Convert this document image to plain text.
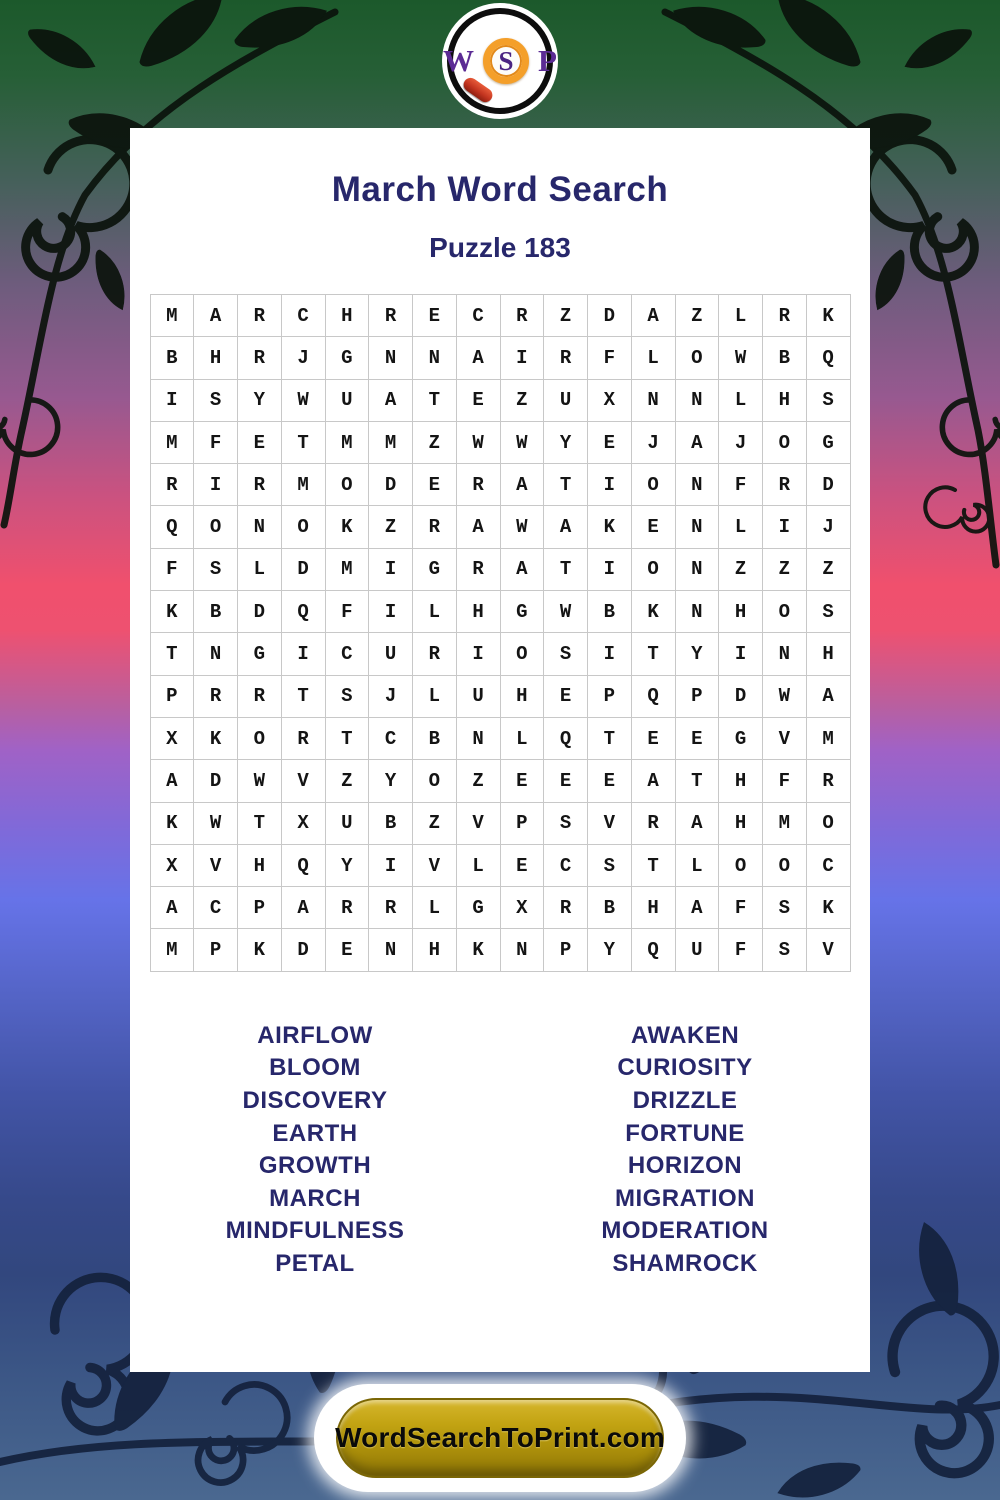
March Word Search
Puzzle 183
M	A	R	C	H	R	E	C	R	Z	D	A	Z	L	R	K
B	H	R	J	G	N	N	A	I	R	F	L	O	W	B	Q
I	S	Y	W	U	A	T	E	Z	U	X	N	N	L	H	S
M	F	E	T	M	M	Z	W	W	Y	E	J	A	J	O	G
R	I	R	M	O	D	E	R	A	T	I	O	N	F	R	D
Q	O	N	O	K	Z	R	A	W	A	K	E	N	L	I	J
F	S	L	D	M	I	G	R	A	T	I	O	N	Z	Z	Z
K	B	D	Q	F	I	L	H	G	W	B	K	N	H	O	S
T	N	G	I	C	U	R	I	O	S	I	T	Y	I	N	H
P	R	R	T	S	J	L	U	H	E	P	Q	P	D	W	A
X	K	O	R	T	C	B	N	L	Q	T	E	E	G	V	M
A	D	W	V	Z	Y	O	Z	E	E	E	A	T	H	F	R
K	W	T	X	U	B	Z	V	P	S	V	R	A	H	M	O
X	V	H	Q	Y	I	V	L	E	C	S	T	L	O	O	C
A	C	P	A	R	R	L	G	X	R	B	H	A	F	S	K
M	P	K	D	E	N	H	K	N	P	Y	Q	U	F	S	V
AIRFLOW
BLOOM
DISCOVERY
EARTH
GROWTH
MARCH
MINDFULNESS
PETAL
AWAKEN
CURIOSITY
DRIZZLE
FORTUNE
HORIZON
MIGRATION
MODERATION
SHAMROCK
W S P
WordSearchToPrint.com
